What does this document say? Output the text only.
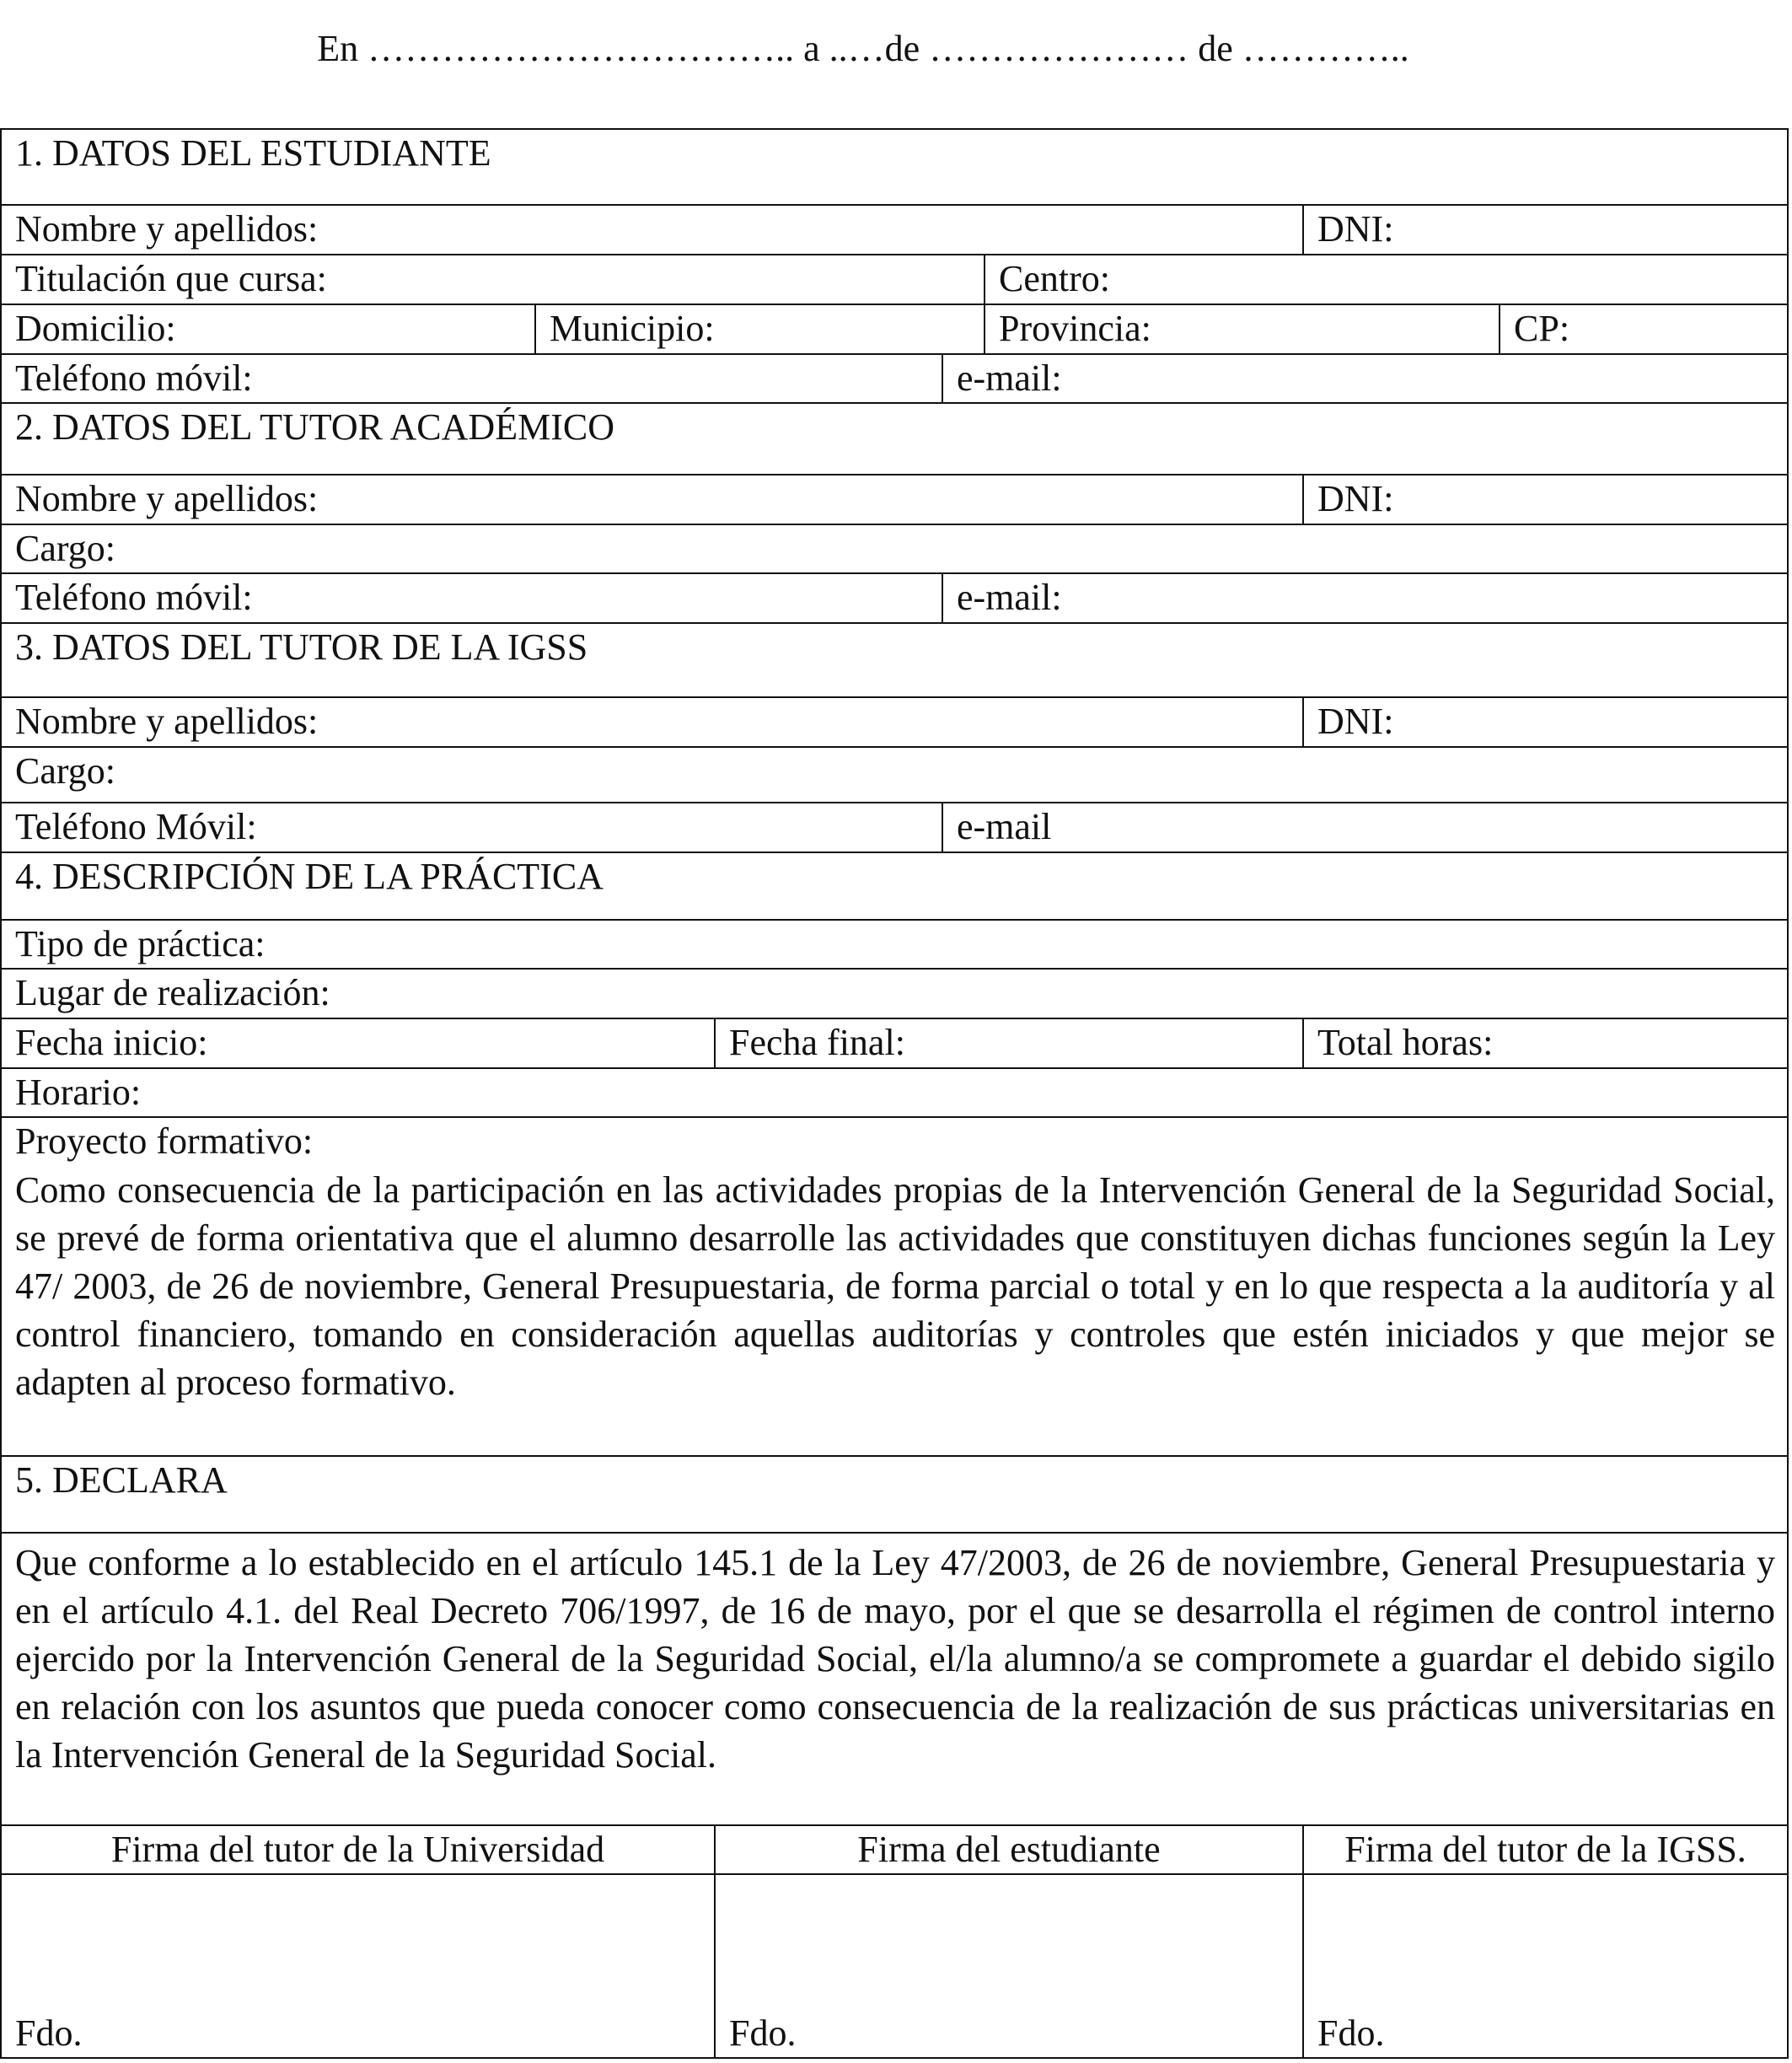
En …………………………….. a ..…de ………………… de …………..
1. DATOS DEL ESTUDIANTE
Nombre y apellidos:	DNI:
Titulación que cursa:	Centro:
Domicilio:	Municipio:	Provincia:	CP:
Teléfono móvil:	e-mail:
2. DATOS DEL TUTOR ACADÉMICO
Nombre y apellidos:	DNI:
Cargo:
Teléfono móvil:	e-mail:
3. DATOS DEL TUTOR DE LA IGSS
Nombre y apellidos:	DNI:
Cargo:
Teléfono Móvil:	e-mail
4. DESCRIPCIÓN DE LA PRÁCTICA
Tipo de práctica:
Lugar de realización:
Fecha inicio:	Fecha final:	Total horas:
Horario:
Proyecto formativo:
Como consecuencia de la participación en las actividades propias de la Intervención General de la Seguridad Social, se prevé de forma orientativa que el alumno desarrolle las actividades que constituyen dichas funciones según la Ley 47/ 2003, de 26 de noviembre, General Presupuestaria, de forma parcial o total y en lo que respecta a la auditoría y al control financiero, tomando en consideración aquellas auditorías y controles que estén iniciados y que mejor se adapten al proceso formativo.
5. DECLARA
Que conforme a lo establecido en el artículo 145.1 de la Ley 47/2003, de 26 de noviembre, General Presupuestaria y en el artículo 4.1. del Real Decreto 706/1997, de 16 de mayo, por el que se desarrolla el régimen de control interno ejercido por la Intervención General de la Seguridad Social, el/la alumno/a se compromete a guardar el debido sigilo en relación con los asuntos que pueda conocer como consecuencia de la realización de sus prácticas universitarias en la Intervención General de la Seguridad Social.
Firma del tutor de la Universidad	Firma del estudiante	Firma del tutor de la IGSS.
Fdo.	Fdo.	Fdo.
